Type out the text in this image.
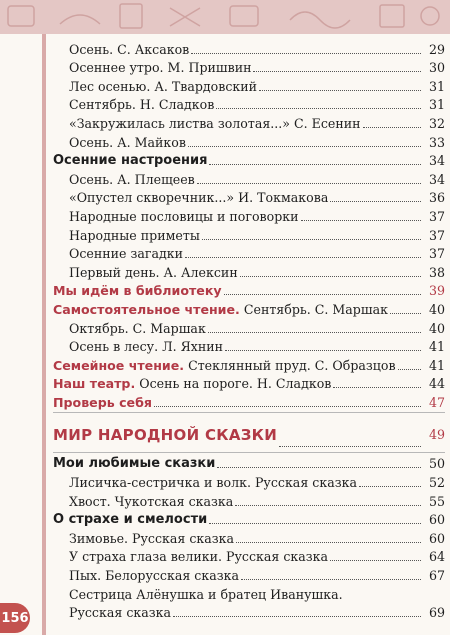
Осень. С. Аксаков	29
Осеннее утро. М. Пришвин	30
Лес осенью. А. Твардовский	31
Сентябрь. Н. Сладков	31
«Закружилась листва золотая...» С. Есенин	32
Осень. А. Майков	33
Осенние настроения	34
Осень. А. Плещеев	34
«Опустел скворечник...» И. Токмакова	36
Народные пословицы и поговорки	37
Народные приметы	37
Осенние загадки	37
Первый день. А. Алексин	38
Мы идём в библиотеку	39
Самостоятельное чтение. Сентябрь. С. Маршак	40
Октябрь. С. Маршак	40
Осень в лесу. Л. Яхнин	41
Семейное чтение. Стеклянный пруд. С. Образцов	41
Наш театр. Осень на пороге. Н. Сладков	44
Проверь себя	47
МИР НАРОДНОЙ СКАЗКИ	49
Мои любимые сказки	50
Лисичка-сестричка и волк. Русская сказка	52
Хвост. Чукотская сказка	55
О страхе и смелости	60
Зимовье. Русская сказка	60
У страха глаза велики. Русская сказка	64
Пых. Белорусская сказка	67
Сестрица Алёнушка и братец Иванушка.
Русская сказка	69
156
